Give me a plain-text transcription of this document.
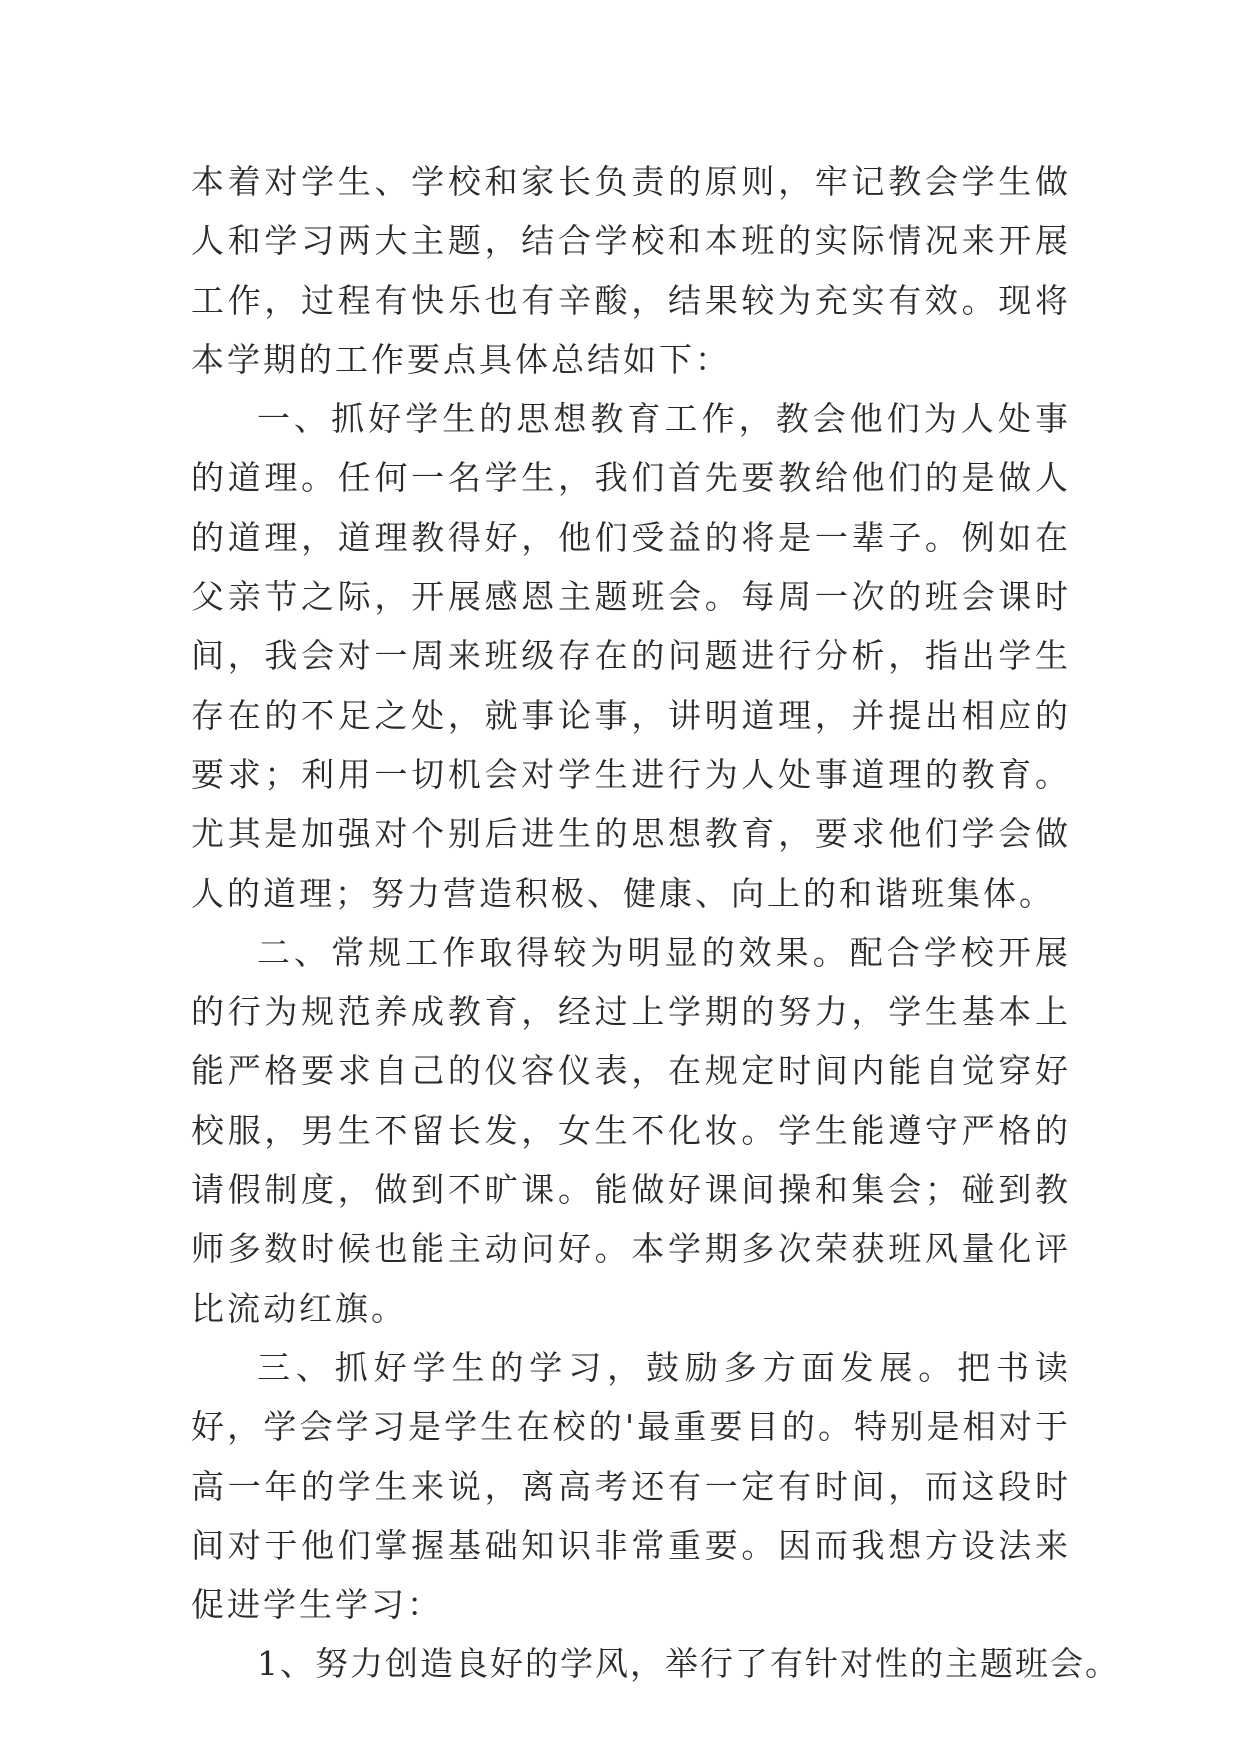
本着对学生、学校和家长负责的原则，牢记教会学生做人和学习两大主题，结合学校和本班的实际情况来开展工作，过程有快乐也有辛酸，结果较为充实有效。现将本学期的工作要点具体总结如下：

一、抓好学生的思想教育工作，教会他们为人处事的道理。任何一名学生，我们首先要教给他们的是做人的道理，道理教得好，他们受益的将是一辈子。例如在父亲节之际，开展感恩主题班会。每周一次的班会课时间，我会对一周来班级存在的问题进行分析，指出学生存在的不足之处，就事论事，讲明道理，并提出相应的要求；利用一切机会对学生进行为人处事道理的教育。尤其是加强对个别后进生的思想教育，要求他们学会做人的道理；努力营造积极、健康、向上的和谐班集体。

二、常规工作取得较为明显的效果。配合学校开展的行为规范养成教育，经过上学期的努力，学生基本上能严格要求自己的仪容仪表，在规定时间内能自觉穿好校服，男生不留长发，女生不化妆。学生能遵守严格的请假制度，做到不旷课。能做好课间操和集会；碰到教师多数时候也能主动问好。本学期多次荣获班风量化评比流动红旗。

三、抓好学生的学习，鼓励多方面发展。把书读好，学会学习是学生在校的'最重要目的。特别是相对于高一年的学生来说，离高考还有一定有时间，而这段时间对于他们掌握基础知识非常重要。因而我想方设法来促进学生学习：

1、努力创造良好的学风，举行了有针对性的主题班会。
